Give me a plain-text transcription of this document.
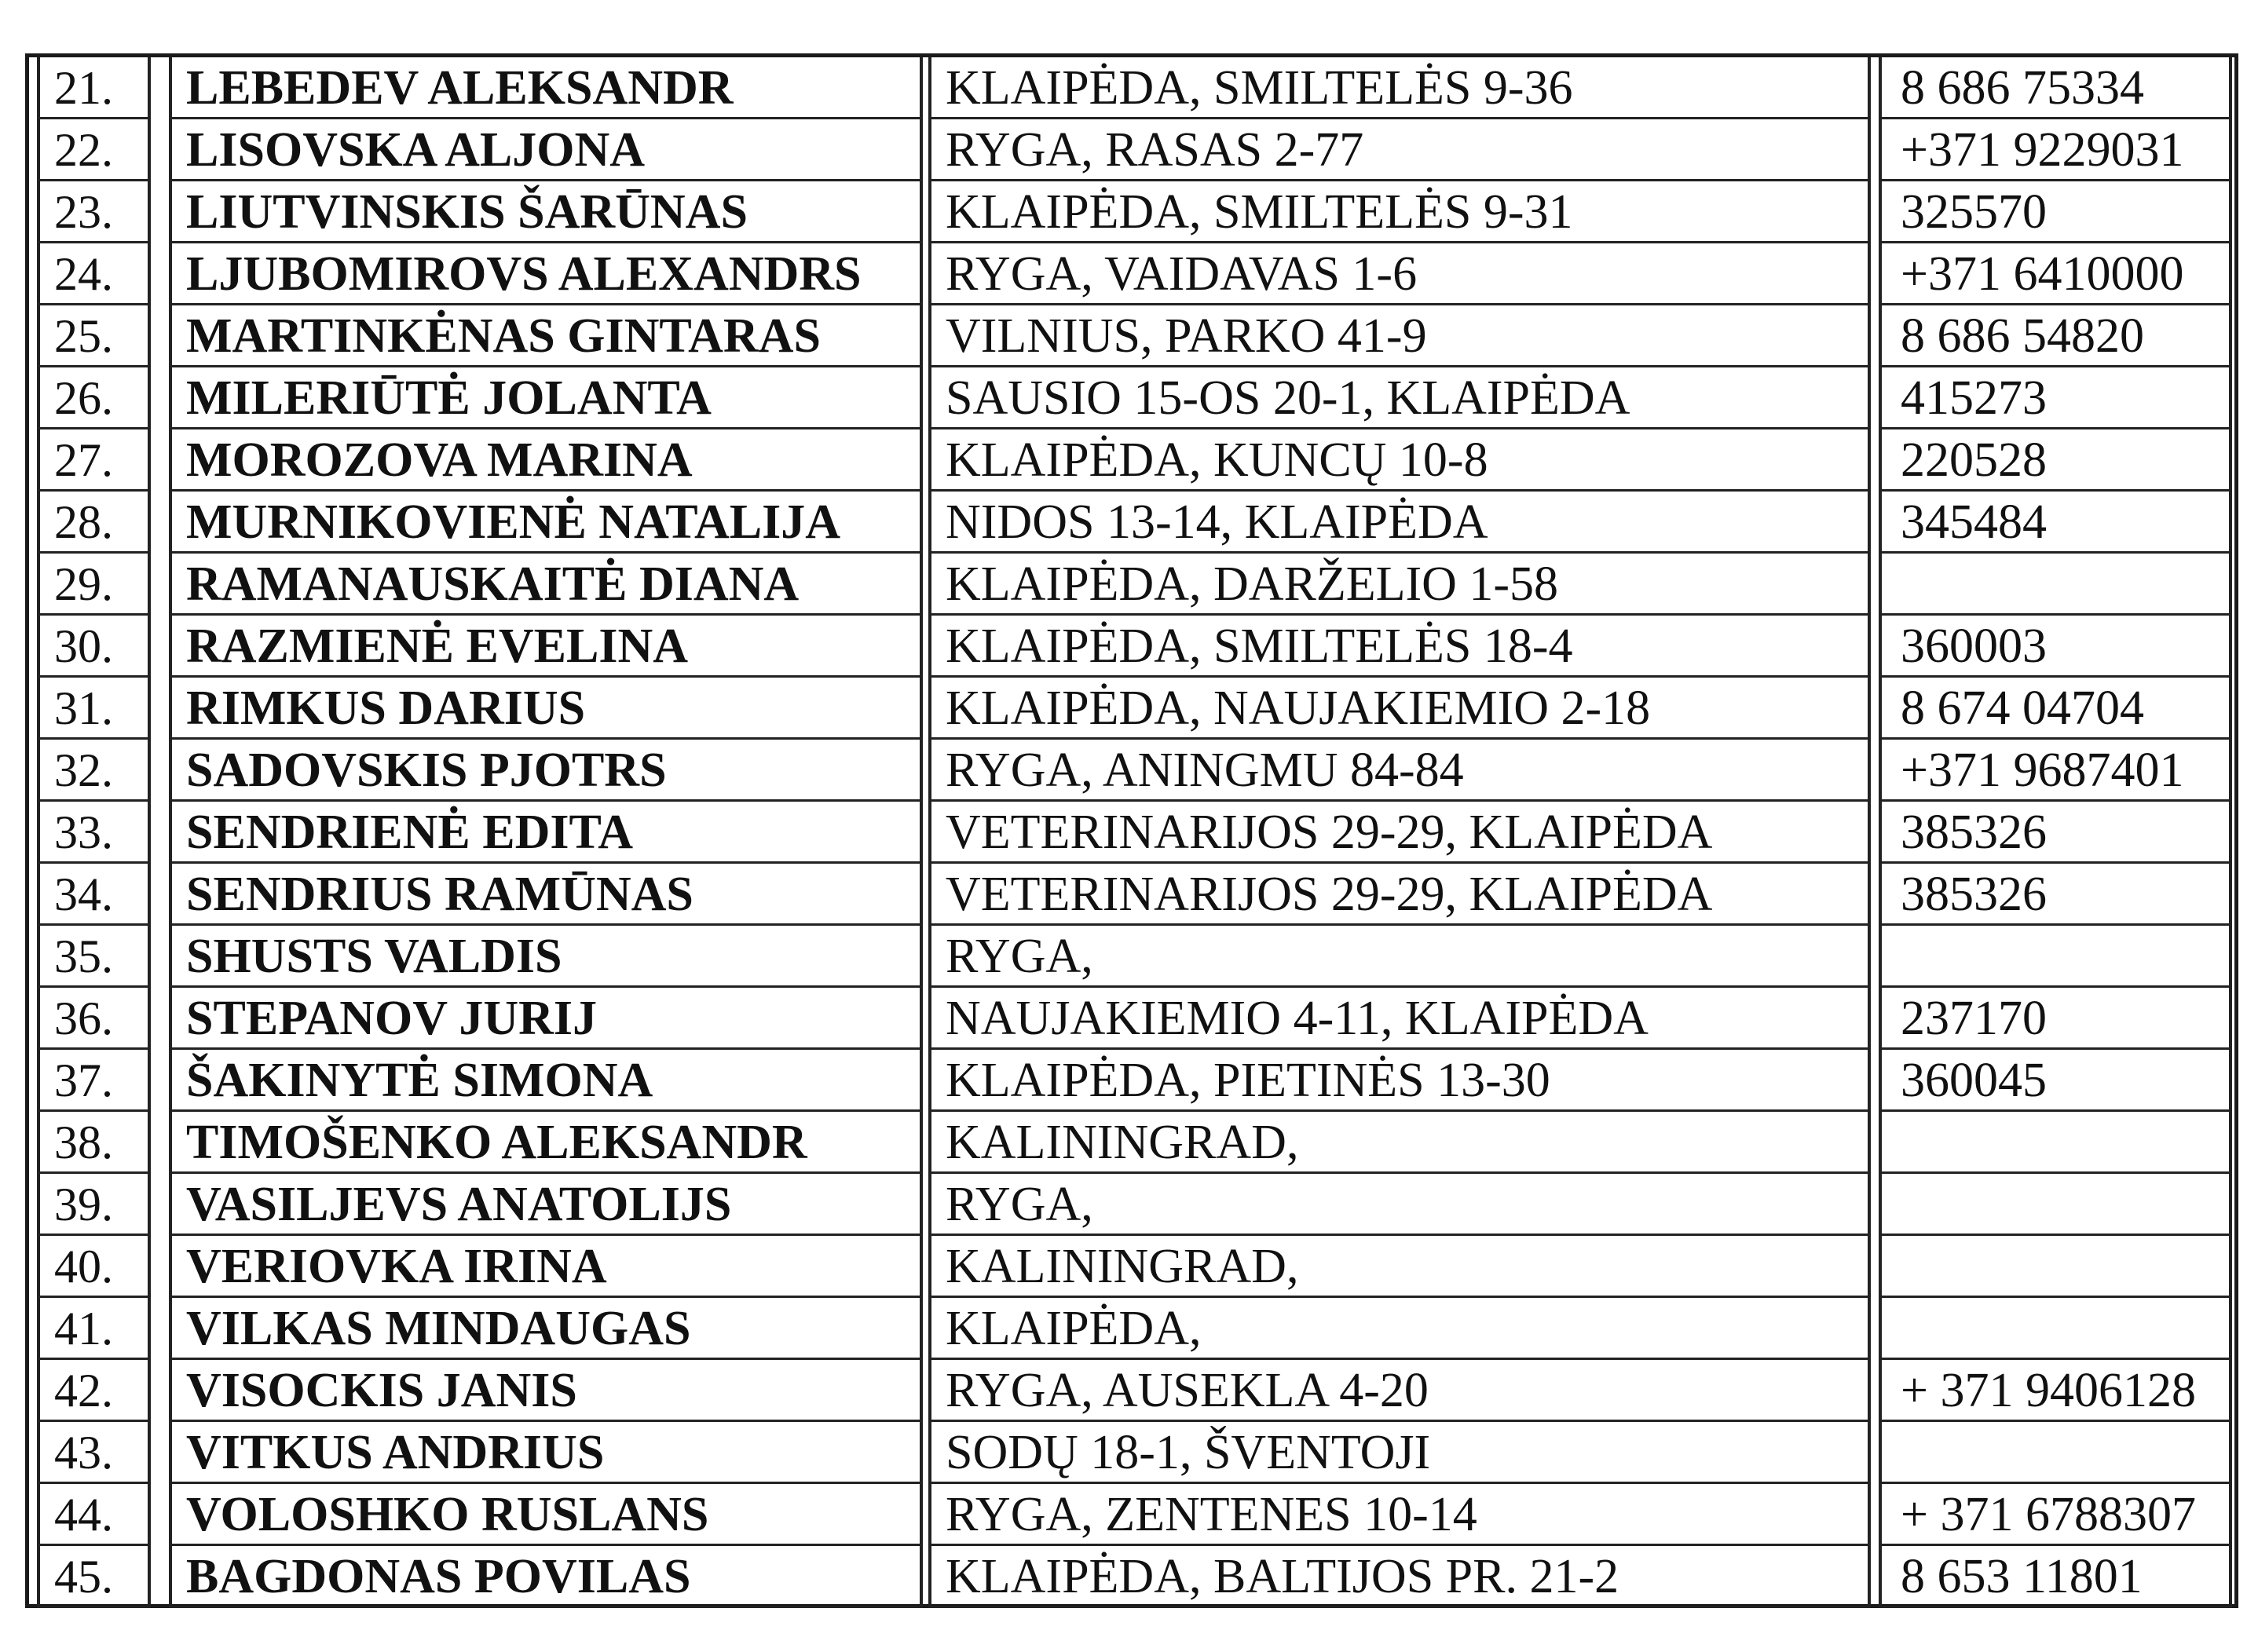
21.	LEBEDEV ALEKSANDR	KLAIPĖDA, SMILTELĖS 9-36	8 686 75334
22.	LISOVSKA ALJONA	RYGA, RASAS 2-77	+371 9229031
23.	LIUTVINSKIS ŠARŪNAS	KLAIPĖDA, SMILTELĖS 9-31	325570
24.	LJUBOMIROVS ALEXANDRS	RYGA, VAIDAVAS 1-6	+371 6410000
25.	MARTINKĖNAS GINTARAS	VILNIUS, PARKO 41-9	8 686 54820
26.	MILERIŪTĖ JOLANTA	SAUSIO 15-OS 20-1, KLAIPĖDA	415273
27.	MOROZOVA MARINA	KLAIPĖDA, KUNCŲ 10-8	220528
28.	MURNIKOVIENĖ NATALIJA	NIDOS 13-14, KLAIPĖDA	345484
29.	RAMANAUSKAITĖ DIANA	KLAIPĖDA, DARŽELIO 1-58
30.	RAZMIENĖ EVELINA	KLAIPĖDA, SMILTELĖS 18-4	360003
31.	RIMKUS DARIUS	KLAIPĖDA, NAUJAKIEMIO 2-18	8 674 04704
32.	SADOVSKIS PJOTRS	RYGA, ANINGMU 84-84	+371 9687401
33.	SENDRIENĖ EDITA	VETERINARIJOS 29-29, KLAIPĖDA	385326
34.	SENDRIUS RAMŪNAS	VETERINARIJOS 29-29, KLAIPĖDA	385326
35.	SHUSTS VALDIS	RYGA,
36.	STEPANOV JURIJ	NAUJAKIEMIO 4-11, KLAIPĖDA	237170
37.	ŠAKINYTĖ SIMONA	KLAIPĖDA, PIETINĖS 13-30	360045
38.	TIMOŠENKO ALEKSANDR	KALININGRAD,
39.	VASILJEVS ANATOLIJS	RYGA,
40.	VERIOVKA IRINA	KALININGRAD,
41.	VILKAS MINDAUGAS	KLAIPĖDA,
42.	VISOCKIS JANIS	RYGA, AUSEKLA 4-20	+ 371 9406128
43.	VITKUS ANDRIUS	SODŲ 18-1, ŠVENTOJI
44.	VOLOSHKO RUSLANS	RYGA, ZENTENES 10-14	+ 371 6788307
45.	BAGDONAS POVILAS	KLAIPĖDA, BALTIJOS PR. 21-2	8 653 11801
